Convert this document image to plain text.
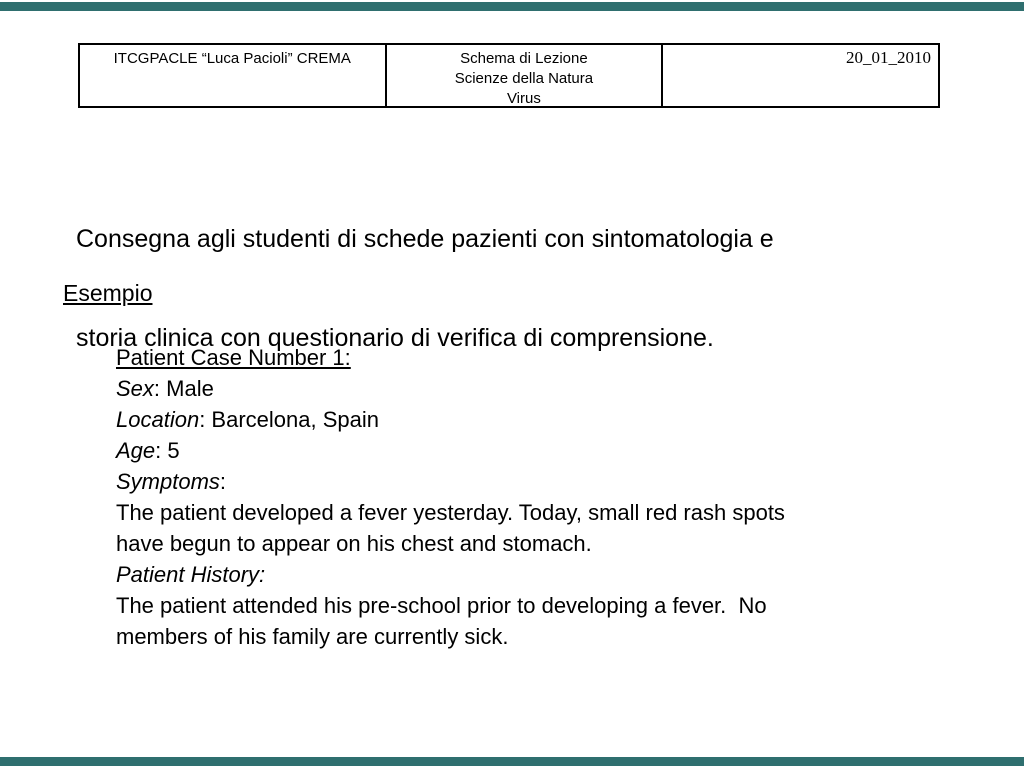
ITCGPACLE “Luca Pacioli” CREMA	Schema di Lezione
Scienze della Natura
Virus
20_01_2010

Consegna agli studenti di schede pazienti con sintomatologia e

storia clinica con questionario di verifica di comprensione.

Esempio
Patient Case Number 1:
Sex: Male
Location: Barcelona, Spain
Age: 5
Symptoms:
The patient developed a fever yesterday. Today, small red rash spots
have begun to appear on his chest and stomach.
Patient History:
The patient attended his pre-school prior to developing a fever.  No
members of his family are currently sick.
